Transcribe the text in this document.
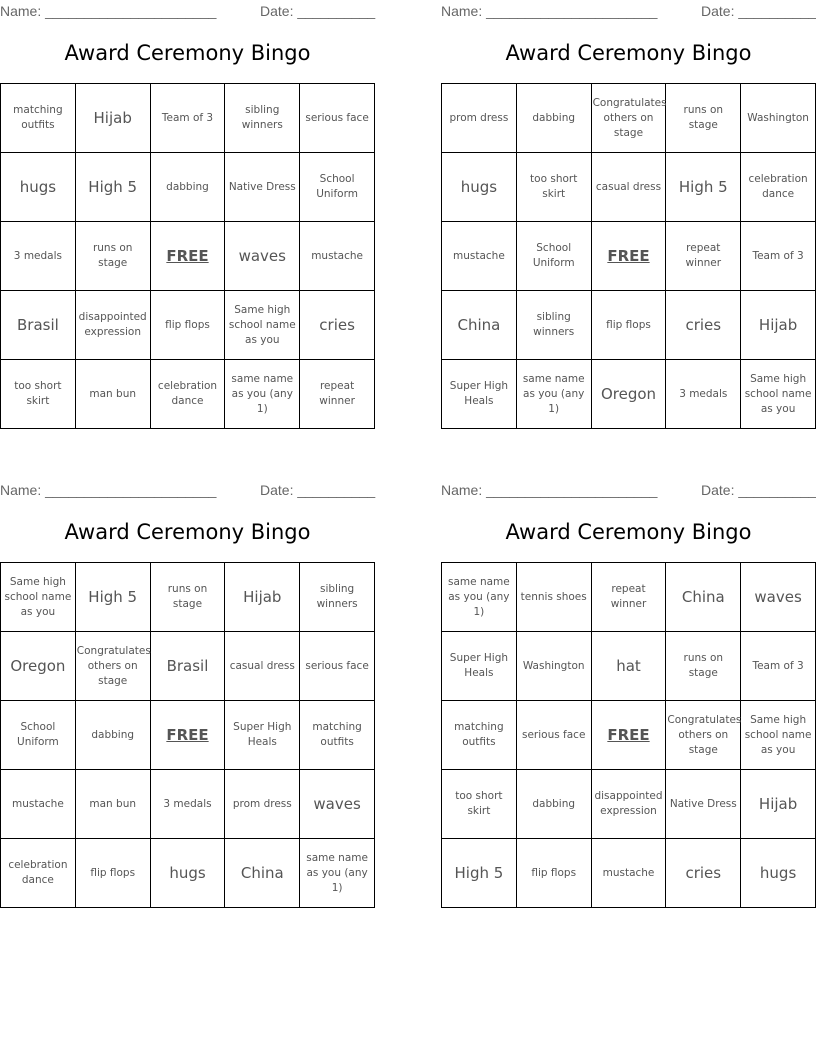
Name: ______________________	Date: __________
Award Ceremony Bingo
matching outfits	Hijab	Team of 3	sibling winners	serious face
hugs	High 5	dabbing	Native Dress	School Uniform
3 medals	runs on stage	FREE	waves	mustache
Brasil	disappointed expression	flip flops	Same high school name as you	cries
too short skirt	man bun	celebration dance	same name as you (any 1)	repeat winner
Name: ______________________	Date: __________
Award Ceremony Bingo
prom dress	dabbing	Congratulates others on stage	runs on stage	Washington
hugs	too short skirt	casual dress	High 5	celebration dance
mustache	School Uniform	FREE	repeat winner	Team of 3
China	sibling winners	flip flops	cries	Hijab
Super High Heals	same name as you (any 1)	Oregon	3 medals	Same high school name as you
Name: ______________________	Date: __________
Award Ceremony Bingo
Same high school name as you	High 5	runs on stage	Hijab	sibling winners
Oregon	Congratulates others on stage	Brasil	casual dress	serious face
School Uniform	dabbing	FREE	Super High Heals	matching outfits
mustache	man bun	3 medals	prom dress	waves
celebration dance	flip flops	hugs	China	same name as you (any 1)
Name: ______________________	Date: __________
Award Ceremony Bingo
same name as you (any 1)	tennis shoes	repeat winner	China	waves
Super High Heals	Washington	hat	runs on stage	Team of 3
matching outfits	serious face	FREE	Congratulates others on stage	Same high school name as you
too short skirt	dabbing	disappointed expression	Native Dress	Hijab
High 5	flip flops	mustache	cries	hugs
